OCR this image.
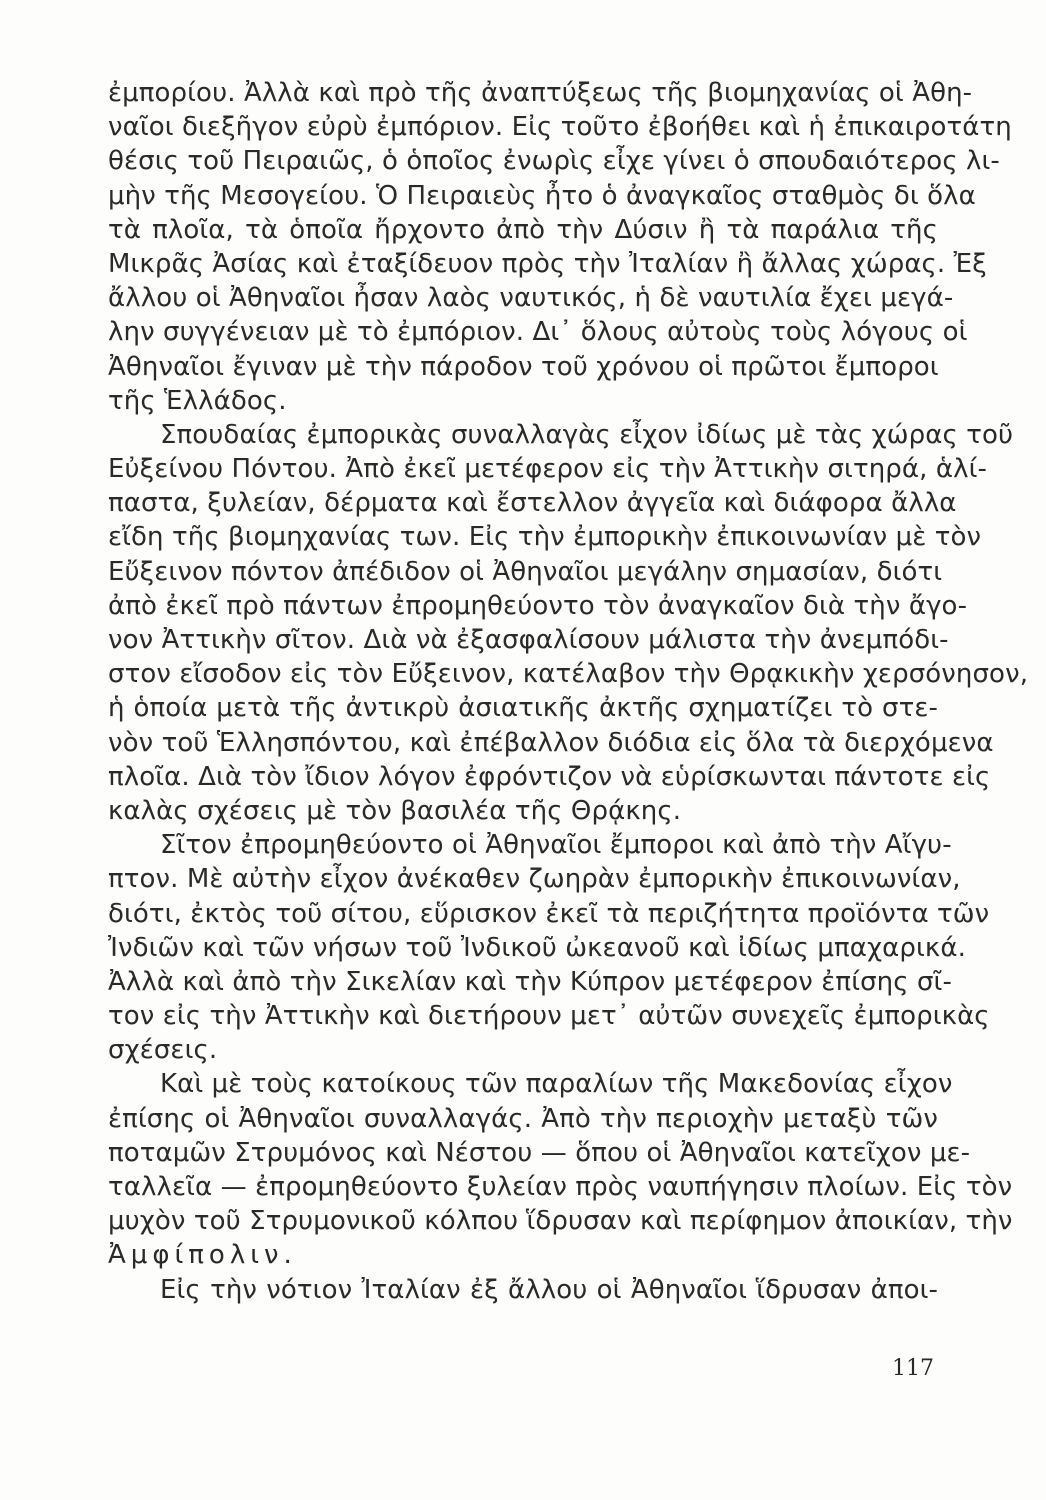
ἐμπορίου. Ἀλλὰ καὶ πρὸ τῆς ἀναπτύξεως τῆς βιομηχανίας οἱ Ἀθη-
ναῖοι διεξῆγον εὐρὺ ἐμπόριον. Εἰς τοῦτο ἐβοήθει καὶ ἡ ἐπικαιροτάτη
θέσις τοῦ Πειραιῶς, ὁ ὁποῖος ἐνωρὶς εἶχε γίνει ὁ σπουδαιότερος λι-
μὴν τῆς Μεσογείου. Ὁ Πειραιεὺς ἦτο ὁ ἀναγκαῖος σταθμὸς δι ὅλα
τὰ πλοῖα, τὰ ὁποῖα ἤρχοντο ἀπὸ τὴν Δύσιν ἢ τὰ παράλια τῆς
Μικρᾶς Ἀσίας καὶ ἐταξίδευον πρὸς τὴν Ἰταλίαν ἢ ἄλλας χώρας. Ἐξ
ἄλλου οἱ Ἀθηναῖοι ἦσαν λαὸς ναυτικός, ἡ δὲ ναυτιλία ἔχει μεγά-
λην συγγένειαν μὲ τὸ ἐμπόριον. Δι᾽ ὅλους αὐτοὺς τοὺς λόγους οἱ
Ἀθηναῖοι ἔγιναν μὲ τὴν πάροδον τοῦ χρόνου οἱ πρῶτοι ἔμποροι
τῆς Ἑλλάδος.
Σπουδαίας ἐμπορικὰς συναλλαγὰς εἶχον ἰδίως μὲ τὰς χώρας τοῦ
Εὐξείνου Πόντου. Ἀπὸ ἐκεῖ μετέφερον εἰς τὴν Ἀττικὴν σιτηρά, ἁλί-
παστα, ξυλείαν, δέρματα καὶ ἔστελλον ἀγγεῖα καὶ διάφορα ἄλλα
εἴδη τῆς βιομηχανίας των. Εἰς τὴν ἐμπορικὴν ἐπικοινωνίαν μὲ τὸν
Εὔξεινον πόντον ἀπέδιδον οἱ Ἀθηναῖοι μεγάλην σημασίαν, διότι
ἀπὸ ἐκεῖ πρὸ πάντων ἐπρομηθεύοντο τὸν ἀναγκαῖον διὰ τὴν ἄγο-
νον Ἀττικὴν σῖτον. Διὰ νὰ ἐξασφαλίσουν μάλιστα τὴν ἀνεμπόδι-
στον εἴσοδον εἰς τὸν Εὔξεινον, κατέλαβον τὴν Θρᾳκικὴν χερσόνησον,
ἡ ὁποία μετὰ τῆς ἀντικρὺ ἀσιατικῆς ἀκτῆς σχηματίζει τὸ στε-
νὸν τοῦ Ἑλλησπόντου, καὶ ἐπέβαλλον διόδια εἰς ὅλα τὰ διερχόμενα
πλοῖα. Διὰ τὸν ἴδιον λόγον ἐφρόντιζον νὰ εὑρίσκωνται πάντοτε εἰς
καλὰς σχέσεις μὲ τὸν βασιλέα τῆς Θρᾴκης.
Σῖτον ἐπρομηθεύοντο οἱ Ἀθηναῖοι ἔμποροι καὶ ἀπὸ τὴν Αἴγυ-
πτον. Μὲ αὐτὴν εἶχον ἀνέκαθεν ζωηρὰν ἐμπορικὴν ἐπικοινωνίαν,
διότι, ἐκτὸς τοῦ σίτου, εὕρισκον ἐκεῖ τὰ περιζήτητα προϊόντα τῶν
Ἰνδιῶν καὶ τῶν νήσων τοῦ Ἰνδικοῦ ὠκεανοῦ καὶ ἰδίως μπαχαρικά.
Ἀλλὰ καὶ ἀπὸ τὴν Σικελίαν καὶ τὴν Κύπρον μετέφερον ἐπίσης σῖ-
τον εἰς τὴν Ἀττικὴν καὶ διετήρουν μετ᾽ αὐτῶν συνεχεῖς ἐμπορικὰς
σχέσεις.
Καὶ μὲ τοὺς κατοίκους τῶν παραλίων τῆς Μακεδονίας εἶχον
ἐπίσης οἱ Ἀθηναῖοι συναλλαγάς. Ἀπὸ τὴν περιοχὴν μεταξὺ τῶν
ποταμῶν Στρυμόνος καὶ Νέστου — ὅπου οἱ Ἀθηναῖοι κατεῖχον με-
ταλλεῖα — ἐπρομηθεύοντο ξυλείαν πρὸς ναυπήγησιν πλοίων. Εἰς τὸν
μυχὸν τοῦ Στρυμονικοῦ κόλπου ἵδρυσαν καὶ περίφημον ἀποικίαν, τὴν
Ἀμφίπολιν.
Εἰς τὴν νότιον Ἰταλίαν ἐξ ἄλλου οἱ Ἀθηναῖοι ἵδρυσαν ἀποι-
117
